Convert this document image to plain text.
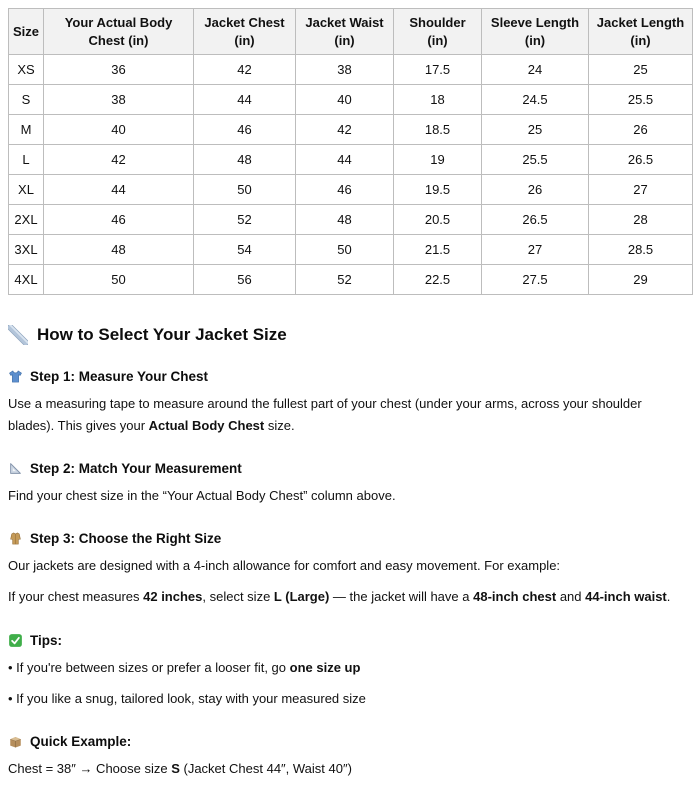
Size	Your Actual Body Chest (in)	Jacket Chest (in)	Jacket Waist (in)	Shoulder (in)	Sleeve Length (in)	Jacket Length (in)
XS	36	42	38	17.5	24	25
S	38	44	40	18	24.5	25.5
M	40	46	42	18.5	25	26
L	42	48	44	19	25.5	26.5
XL	44	50	46	19.5	26	27
2XL	46	52	48	20.5	26.5	28
3XL	48	54	50	21.5	27	28.5
4XL	50	56	52	22.5	27.5	29
How to Select Your Jacket Size
Step 1: Measure Your Chest

Use a measuring tape to measure around the fullest part of your chest (under your arms, across your shoulder blades). This gives your Actual Body Chest size.

Step 2: Match Your Measurement

Find your chest size in the “Your Actual Body Chest” column above.

Step 3: Choose the Right Size

Our jackets are designed with a 4-inch allowance for comfort and easy movement. For example:

If your chest measures 42 inches, select size L (Large) — the jacket will have a 48-inch chest and 44-inch waist.

Tips:

• If you're between sizes or prefer a looser fit, go one size up

• If you like a snug, tailored look, stay with your measured size

Quick Example:

Chest = 38″ → Choose size S (Jacket Chest 44″, Waist 40″)
